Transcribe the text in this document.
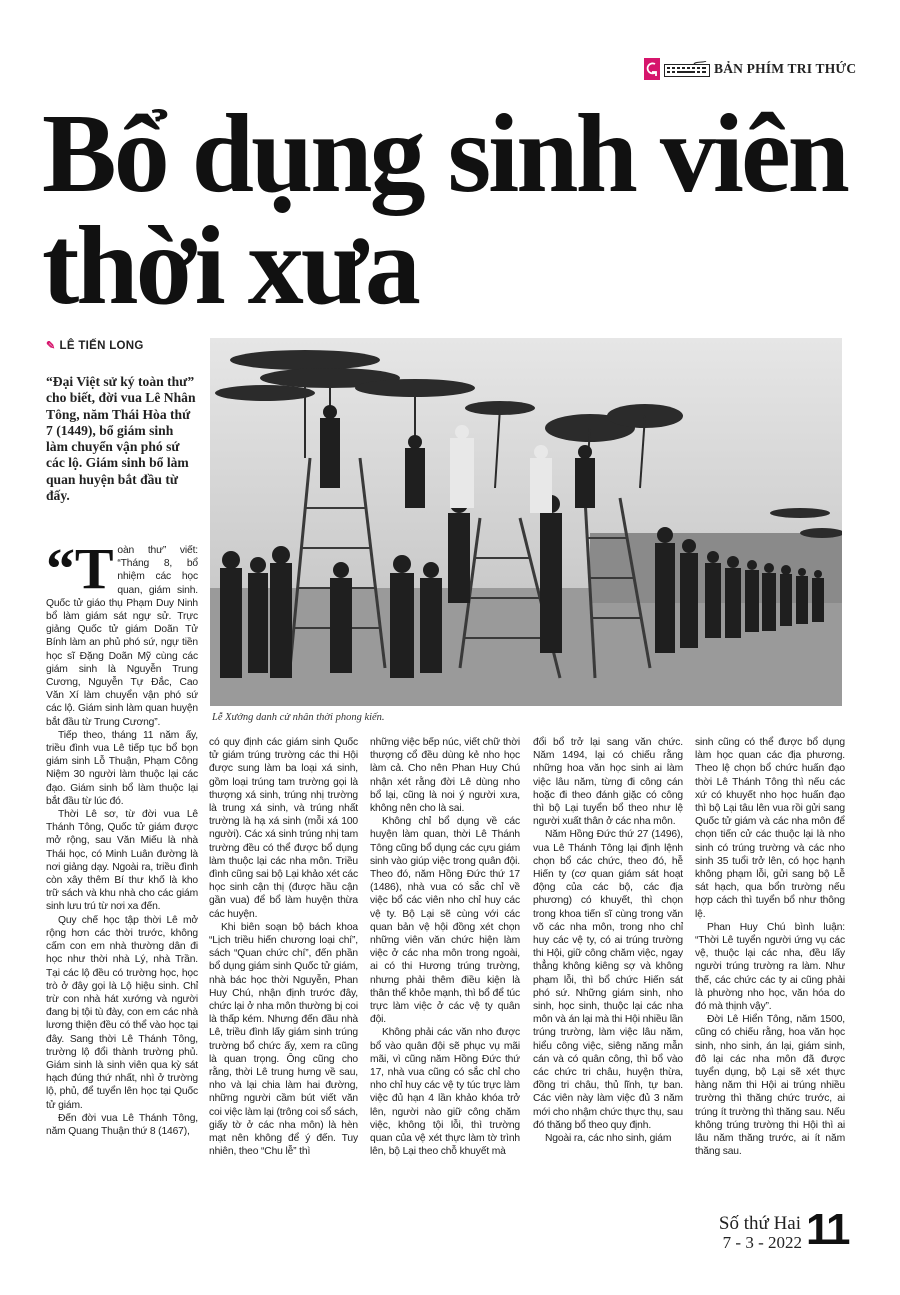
BẢN PHÍM TRI THỨC
Bổ dụng sinh viên
thời xưa
✎ LÊ TIẾN LONG
Lễ Xướng danh cử nhân thời phong kiến.
“Đại Việt sử ký toàn thư” cho biết, đời vua Lê Nhân Tông, năm Thái Hòa thứ 7 (1449), bổ giám sinh làm chuyển vận phó sứ các lộ. Giám sinh bổ làm quan huyện bắt đầu từ đấy.

“Toàn thư” viết: “Tháng 8, bổ nhiệm các học quan, giám sinh. Quốc tử giáo thụ Phạm Duy Ninh bổ làm giám sát ngự sử. Trực giảng Quốc tử giám Doãn Tử Bính làm an phủ phó sứ, ngự tiền học sĩ Đặng Doãn Mỹ cùng các giám sinh là Nguyễn Trung Cương, Nguyễn Tự Đắc, Cao Văn Xí làm chuyển vận phó sứ các lộ. Giám sinh làm quan huyện bắt đầu từ Trung Cương”.

Tiếp theo, tháng 11 năm ấy, triều đình vua Lê tiếp tục bổ bọn giám sinh Lỗ Thuận, Phạm Công Niệm 30 người làm thuộc lại các đạo. Giám sinh bổ làm thuộc lại bắt đầu từ lúc đó.

Thời Lê sơ, từ đời vua Lê Thánh Tông, Quốc tử giám được mở rộng, sau Văn Miếu là nhà Thái học, có Minh Luân đường là nơi giảng dạy. Ngoài ra, triều đình còn xây thêm Bí thư khố là kho trữ sách và khu nhà cho các giám sinh lưu trú từ nơi xa đến.

Quy chế học tập thời Lê mở rộng hơn các thời trước, không cấm con em nhà thường dân đi học như thời nhà Lý, nhà Trần. Tại các lộ đều có trường học, học trò ở đây gọi là Lộ hiệu sinh. Chỉ trừ con nhà hát xướng và người đang bị tội tù đày, con em các nhà lương thiện đều có thể vào học tại đây. Sang thời Lê Thánh Tông, trường lộ đổi thành trường phủ. Giám sinh là sinh viên qua kỳ sát hạch đúng thứ nhất, nhì ở trường lộ, phủ, để tuyển lên học tại Quốc tử giám.

Đến đời vua Lê Thánh Tông, năm Quang Thuận thứ 8 (1467),

có quy định các giám sinh Quốc tử giám trúng trường các thi Hội được sung làm ba loại xá sinh, gồm loại trúng tam trường gọi là thượng xá sinh, trúng nhị trường là trung xá sinh, và trúng nhất trường là hạ xá sinh (mỗi xá 100 người). Các xá sinh trúng nhị tam trường đều có thể được bổ dụng làm thuộc lại các nha môn. Triều đình cũng sai bộ Lại khảo xét các học sinh cận thị (được hầu cận gần vua) để bổ làm huyện thừa các huyện.

Khi biên soạn bộ bách khoa “Lịch triều hiến chương loại chí”, sách “Quan chức chí”, đến phần bổ dụng giám sinh Quốc tử giám, nhà bác học thời Nguyễn, Phan Huy Chú, nhận định trước đây, chức lại ở nha môn thường bị coi là thấp kém. Nhưng đến đầu nhà Lê, triều đình lấy giám sinh trúng trường bổ chức ấy, xem ra cũng là quan trọng. Ông cũng cho rằng, thời Lê trung hưng về sau, nho và lại chia làm hai đường, những người cầm bút viết văn coi việc làm lại (trông coi sổ sách, giấy tờ ở các nha môn) là hèn mạt nên không để ý đến. Tuy nhiên, theo “Chu lễ” thì

những việc bếp núc, viết chữ thời thượng cổ đều dùng kẻ nho học làm cả. Cho nên Phan Huy Chú nhận xét rằng đời Lê dùng nho bổ lại, cũng là noi ý người xưa, không nên cho là sai.

Không chỉ bổ dụng về các huyện làm quan, thời Lê Thánh Tông cũng bổ dụng các cựu giám sinh vào giúp việc trong quân đội. Theo đó, năm Hồng Đức thứ 17 (1486), nhà vua có sắc chỉ về việc bổ các viên nho chỉ huy các vệ ty. Bộ Lại sẽ cùng với các quan bản vệ hội đồng xét chọn những viên văn chức hiện làm việc ở các nha môn trong ngoài, ai có thi Hương trúng trường, nhưng phải thêm điều kiện là thân thể khỏe mạnh, thì bổ để túc trực làm việc ở các vệ ty quân đội.

Không phải các văn nho được bổ vào quân đội sẽ phục vụ mãi mãi, vì cũng năm Hồng Đức thứ 17, nhà vua cũng có sắc chỉ cho nho chỉ huy các vệ ty túc trực làm việc đủ hạn 4 lần khảo khóa trở lên, người nào giữ công chăm việc, không tội lỗi, thì trường quan của vệ xét thực làm tờ trình lên, bộ Lại theo chỗ khuyết mà

đổi bổ trở lại sang văn chức. Năm 1494, lại có chiếu rằng những hoa văn học sinh ai làm việc lâu năm, từng đi công cán hoặc đi theo đánh giặc có công thì bộ Lại tuyển bổ theo như lệ người xuất thân ở các nha môn.

Năm Hồng Đức thứ 27 (1496), vua Lê Thánh Tông lại định lệnh chọn bổ các chức, theo đó, hễ Hiến ty (cơ quan giám sát hoạt động của các bộ, các địa phương) có khuyết, thì chọn trong khoa tiến sĩ cùng trong văn võ các nha môn, trong nho chỉ huy các vệ ty, có ai trúng trường thi Hội, giữ công chăm việc, ngay thẳng không kiêng sợ và không phạm lỗi, thì bổ chức Hiến sát phó sứ. Những giám sinh, nho sinh, học sinh, thuộc lại các nha môn và án lại mà thi Hội nhiều lần trúng trường, làm việc lâu năm, hiểu công việc, siêng năng mẫn cán và có quân công, thì bổ vào các chức tri châu, huyện thừa, đồng tri châu, thủ lĩnh, tự ban. Các viên này làm việc đủ 3 năm mới cho nhậm chức thực thụ, sau đó thăng bổ theo quy định.

Ngoài ra, các nho sinh, giám

sinh cũng có thể được bổ dụng làm học quan các địa phương. Theo lệ chọn bổ chức huấn đạo thời Lê Thánh Tông thì nếu các xứ có khuyết nho học huấn đạo thì bộ Lại tâu lên vua rồi gửi sang Quốc tử giám và các nha môn để chọn tiến cử các thuộc lại là nho sinh có trúng trường và các nho sinh 35 tuổi trở lên, có học hạnh không phạm lỗi, gửi sang bộ Lễ sát hạch, qua bổn trường nếu hợp cách thì tuyển bổ như thông lệ.

Phan Huy Chú bình luận: “Thời Lê tuyển người ứng vụ các vệ, thuộc lại các nha, đều lấy người trúng trường ra làm. Như thế, các chức các ty ai cũng phải là phường nho học, văn hóa do đó mà thịnh vậy”.

Đời Lê Hiển Tông, năm 1500, cũng có chiếu rằng, hoa văn học sinh, nho sinh, án lại, giám sinh, đô lại các nha môn đã được tuyển dụng, bộ Lại sẽ xét thực hàng năm thi Hội ai trúng nhiều trường thì thăng chức trước, ai trúng ít trường thì thăng sau. Nếu không trúng trường thi Hội thì ai lâu năm thăng trước, ai ít năm thăng sau.

Số thứ Hai
7 - 3 - 2022 11
